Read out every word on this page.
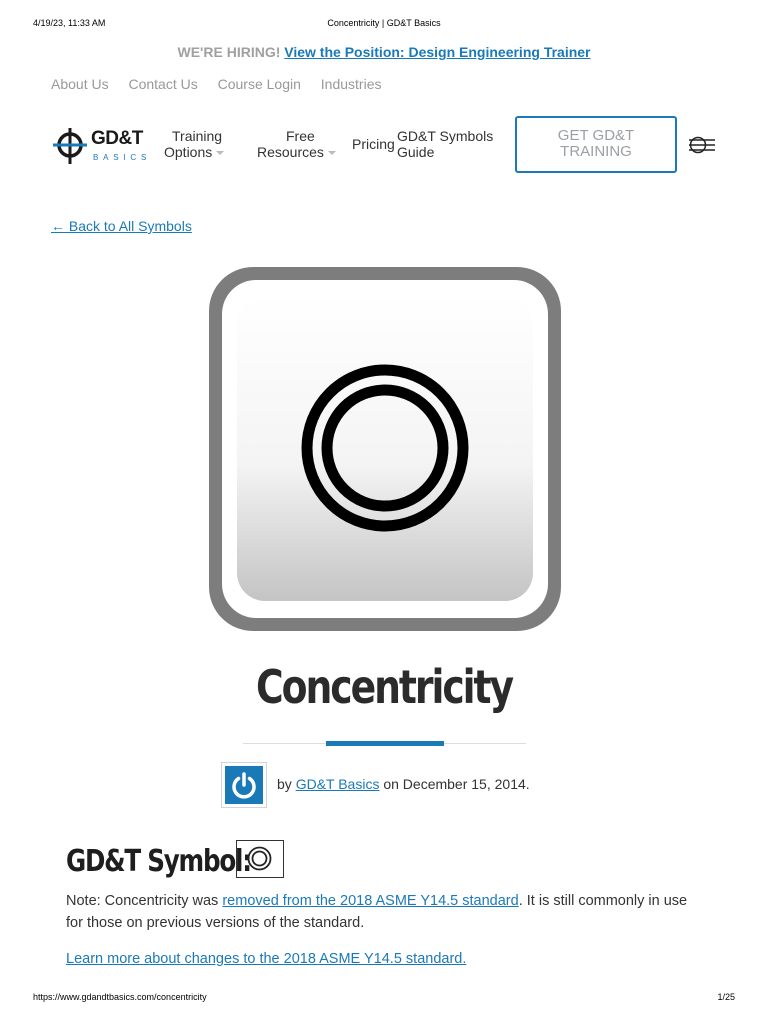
4/19/23, 11:33 AM	Concentricity | GD&T Basics
WE'RE HIRING! View the Position: Design Engineering Trainer
About Us Contact Us Course Login Industries
GD&T
BASICS
Training
Options
Free
Resources	Pricing GD&T Symbols
Guide
GET GD&T
TRAINING
← Back to All Symbols
Concentricity
by GD&T Basics on December 15, 2014.
GD&T Symbol:

Note: Concentricity was removed from the 2018 ASME Y14.5 standard. It is still commonly in use for those on previous versions of the standard.

Learn more about changes to the 2018 ASME Y14.5 standard.
https://www.gdandtbasics.com/concentricity	1/25
